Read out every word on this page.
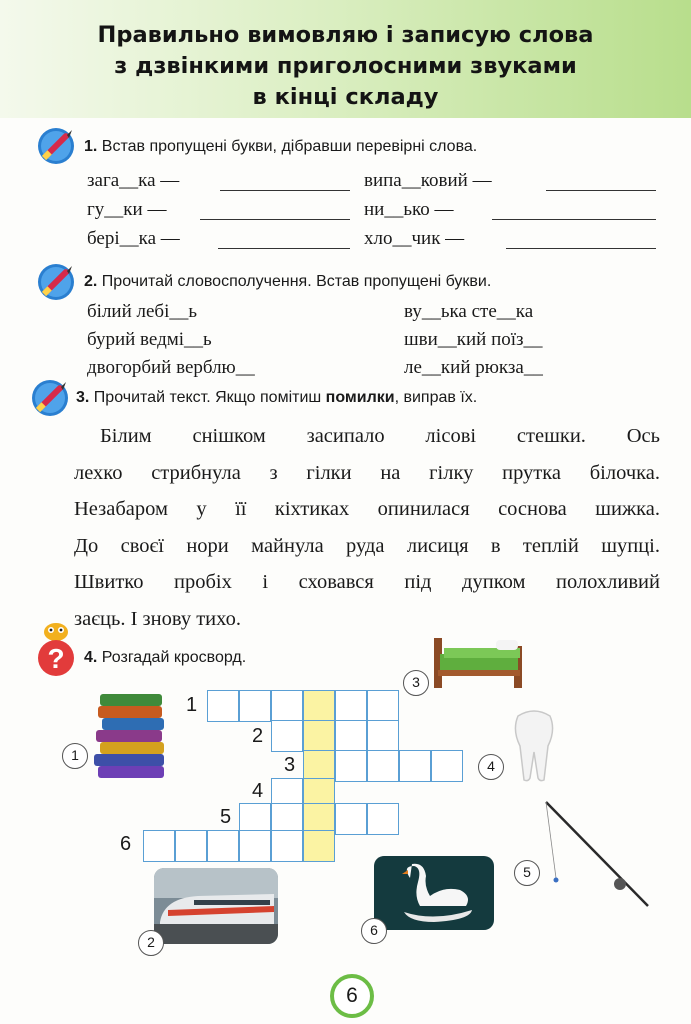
Правильно вимовляю і записую слова
з дзвінкими приголосними звуками
в кінці складу
1. Встав пропущені букви, дібравши перевірні слова.
зага__ка —	випа__ковий —
гу__ки —	ни__ько —
бері__ка —	хло__чик —
2. Прочитай словосполучення. Встав пропущені букви.
білий лебі__ь	ву__ька сте__ка
бурий ведмі__ь	шви__кий поїз__
двогорбий верблю__	ле__кий рюкза__
3. Прочитай текст. Якщо помітиш помилки, виправ їх.
Білим снішком засипало лісові стешки. Ось
лехко стрибнула з гілки на гілку прутка білочка.
Незабаром у її кіхтиках опинилася соснова шижка.
До своєї нори майнула руда лисиця в теплій шупці.
Швитко пробіх і сховався під дупком полохливий
заєць. І знову тихо.
? 4. Розгадай кросворд.
1
2
3
4
5
6
1
2
3
4
5
6
6
